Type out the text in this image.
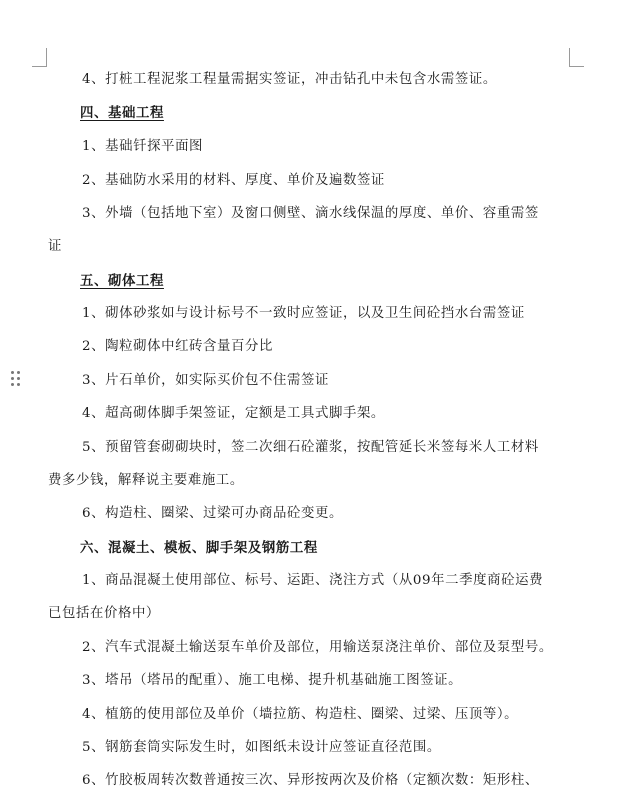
4、打桩工程泥浆工程量需据实签证，冲击钻孔中未包含水需签证。
四、基础工程
1、基础钎探平面图
2、基础防水采用的材料、厚度、单价及遍数签证
3、外墙（包括地下室）及窗口侧壁、滴水线保温的厚度、单价、容重需签
证
五、砌体工程
1、砌体砂浆如与设计标号不一致时应签证，以及卫生间砼挡水台需签证
2、陶粒砌体中红砖含量百分比
3、片石单价，如实际买价包不住需签证
4、超高砌体脚手架签证，定额是工具式脚手架。
5、预留管套砌砌块时，签二次细石砼灌浆，按配管延长米签每米人工材料
费多少钱，解释说主要难施工。
6、构造柱、圈梁、过梁可办商品砼变更。
六、混凝土、模板、脚手架及钢筋工程
1、商品混凝土使用部位、标号、运距、浇注方式（从09年二季度商砼运费
已包括在价格中）
2、汽车式混凝土输送泵车单价及部位，用输送泵浇注单价、部位及泵型号。
3、塔吊（塔吊的配重）、施工电梯、提升机基础施工图签证。
4、植筋的使用部位及单价（墙拉筋、构造柱、圈梁、过梁、压顶等）。
5、钢筋套筒实际发生时，如图纸未设计应签证直径范围。
6、竹胶板周转次数普通按三次、异形按两次及价格（定额次数：矩形柱、
